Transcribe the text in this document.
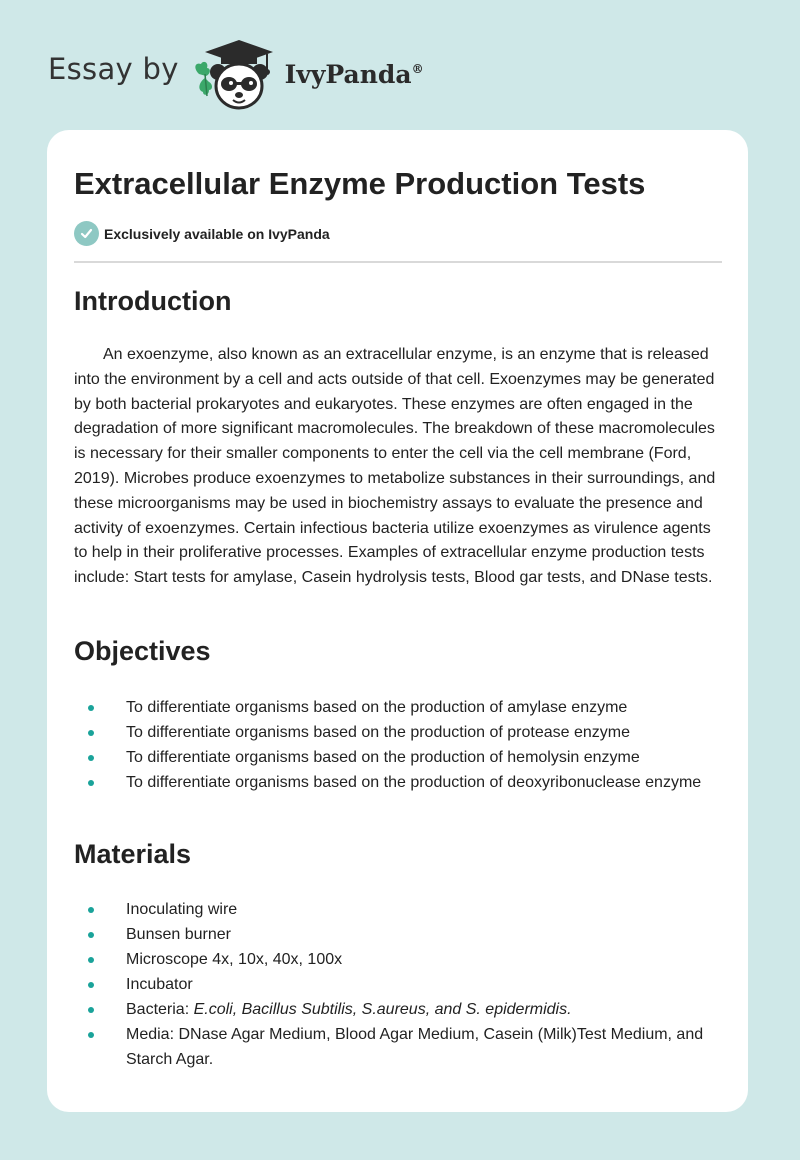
Essay by	IvyPanda®
Extracellular Enzyme Production Tests
Exclusively available on IvyPanda
Introduction

An exoenzyme, also known as an extracellular enzyme, is an enzyme that is released into the environment by a cell and acts outside of that cell. Exoenzymes may be generated by both bacterial prokaryotes and eukaryotes. These enzymes are often engaged in the degradation of more significant macromolecules. The breakdown of these macromolecules is necessary for their smaller components to enter the cell via the cell membrane (Ford, 2019). Microbes produce exoenzymes to metabolize substances in their surroundings, and these microorganisms may be used in biochemistry assays to evaluate the presence and activity of exoenzymes. Certain infectious bacteria utilize exoenzymes as virulence agents to help in their proliferative processes. Examples of extracellular enzyme production tests include: Start tests for amylase, Casein hydrolysis tests, Blood gar tests, and DNase tests.

Objectives
To differentiate organisms based on the production of amylase enzyme
To differentiate organisms based on the production of protease enzyme
To differentiate organisms based on the production of hemolysin enzyme
To differentiate organisms based on the production of deoxyribonuclease enzyme
Materials
Inoculating wire
Bunsen burner
Microscope 4x, 10x, 40x, 100x
Incubator
Bacteria: E.coli, Bacillus Subtilis, S.aureus, and S. epidermidis.
Media: DNase Agar Medium, Blood Agar Medium, Casein (Milk)Test Medium, and Starch Agar.
